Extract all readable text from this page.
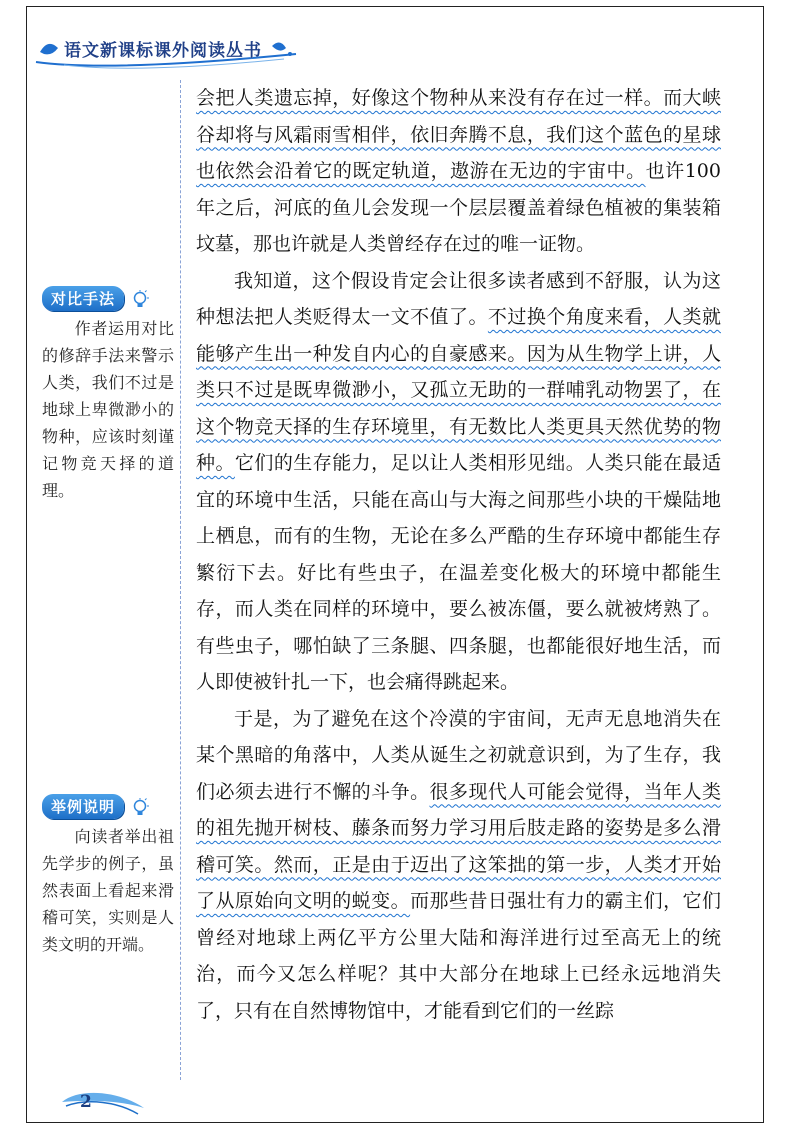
语文新课标课外阅读丛书
对比手法
作者运用对比的修辞手法来警示人类，我们不过是地球上卑微渺小的物种，应该时刻谨记物竞天择的道理。
举例说明
向读者举出祖先学步的例子，虽然表面上看起来滑稽可笑，实则是人类文明的开端。

会把人类遗忘掉，好像这个物种从来没有存在过一样。而大峡谷却将与风霜雨雪相伴，依旧奔腾不息，我们这个蓝色的星球也依然会沿着它的既定轨道，遨游在无边的宇宙中。也许100年之后，河底的鱼儿会发现一个层层覆盖着绿色植被的集装箱坟墓，那也许就是人类曾经存在过的唯一证物。

我知道，这个假设肯定会让很多读者感到不舒服，认为这种想法把人类贬得太一文不值了。不过换个角度来看，人类就能够产生出一种发自内心的自豪感来。因为从生物学上讲，人类只不过是既卑微渺小，又孤立无助的一群哺乳动物罢了，在这个物竞天择的生存环境里，有无数比人类更具天然优势的物种。它们的生存能力，足以让人类相形见绌。人类只能在最适宜的环境中生活，只能在高山与大海之间那些小块的干燥陆地上栖息，而有的生物，无论在多么严酷的生存环境中都能生存繁衍下去。好比有些虫子，在温差变化极大的环境中都能生存，而人类在同样的环境中，要么被冻僵，要么就被烤熟了。有些虫子，哪怕缺了三条腿、四条腿，也都能很好地生活，而人即使被针扎一下，也会痛得跳起来。

于是，为了避免在这个冷漠的宇宙间，无声无息地消失在某个黑暗的角落中，人类从诞生之初就意识到，为了生存，我们必须去进行不懈的斗争。很多现代人可能会觉得，当年人类的祖先抛开树枝、藤条而努力学习用后肢走路的姿势是多么滑稽可笑。然而，正是由于迈出了这笨拙的第一步，人类才开始了从原始向文明的蜕变。而那些昔日强壮有力的霸主们，它们曾经对地球上两亿平方公里大陆和海洋进行过至高无上的统治，而今又怎么样呢？其中大部分在地球上已经永远地消失了，只有在自然博物馆中，才能看到它们的一丝踪

2
